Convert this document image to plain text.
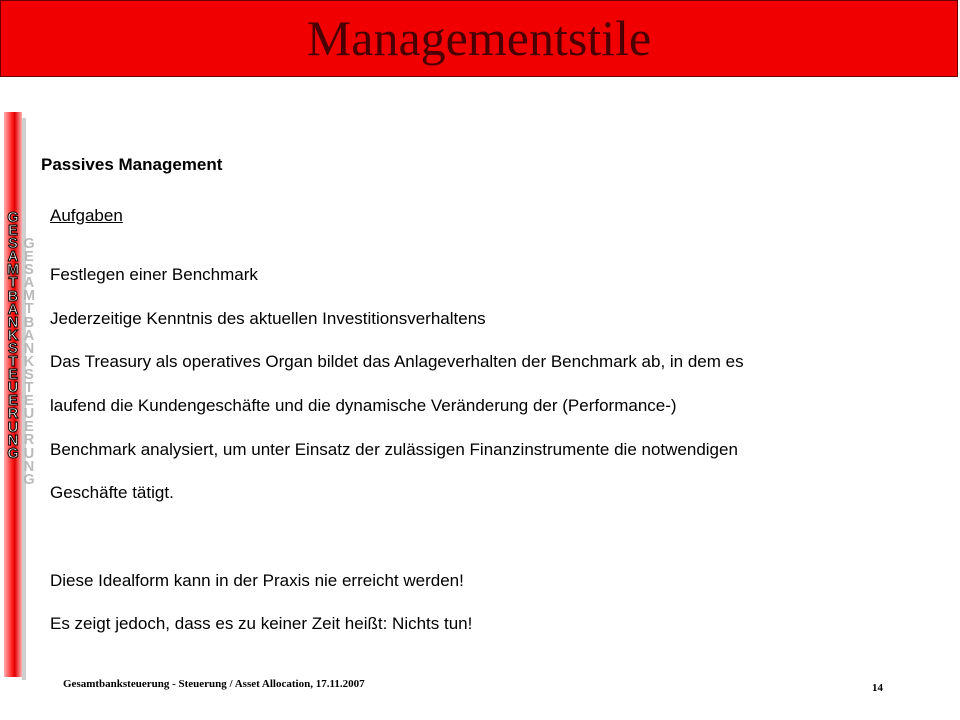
Managementstile
G
E
S
A
M
T
B
A
N
K
S
T
E
U
E
R
U
N
G
G
E
S
A
M
T
B
A
N
K
S
T
E
U
E
R
U
N
G
Passives Management
Aufgaben
Festlegen einer Benchmark
Jederzeitige Kenntnis des aktuellen Investitionsverhaltens
Das Treasury als operatives Organ bildet das Anlageverhalten der Benchmark ab, in dem es
laufend die Kundengeschäfte und die dynamische Veränderung der (Performance-)
Benchmark analysiert, um unter Einsatz der zulässigen Finanzinstrumente die notwendigen
Geschäfte tätigt.
Diese Idealform kann in der Praxis nie erreicht werden!
Es zeigt jedoch, dass es zu keiner Zeit heißt: Nichts tun!
Gesamtbanksteuerung - Steuerung / Asset Allocation, 17.11.2007	14
